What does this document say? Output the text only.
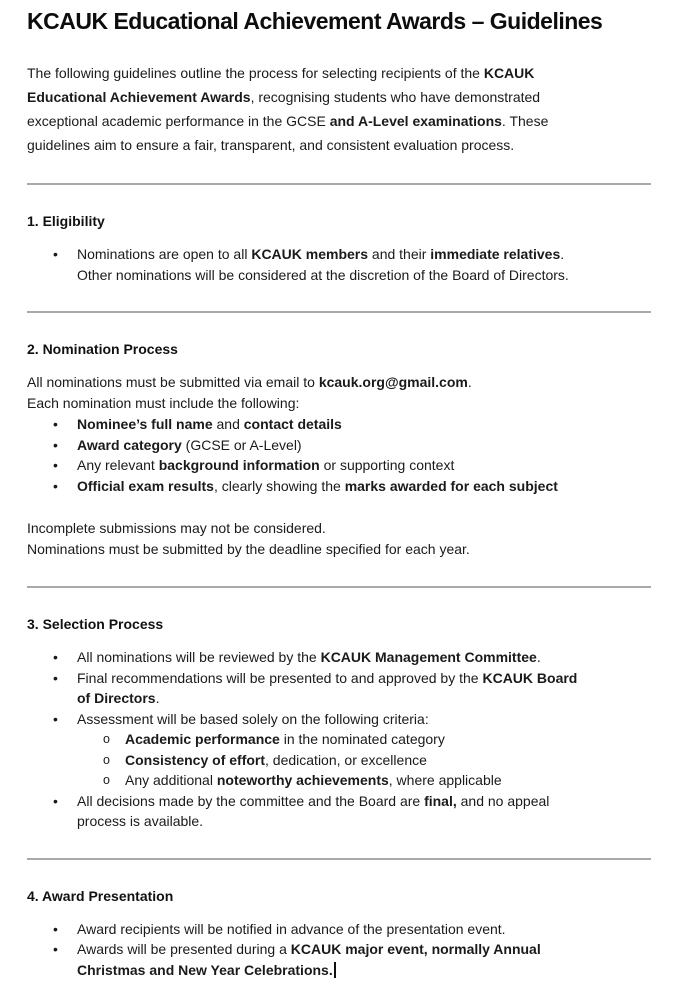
KCAUK Educational Achievement Awards – Guidelines

The following guidelines outline the process for selecting recipients of the KCAUK
Educational Achievement Awards, recognising students who have demonstrated
exceptional academic performance in the GCSE and A-Level examinations. These
guidelines aim to ensure a fair, transparent, and consistent evaluation process.

1. Eligibility
•	Nominations are open to all KCAUK members and their immediate relatives.
Other nominations will be considered at the discretion of the Board of Directors.
2. Nomination Process

All nominations must be submitted via email to kcauk.org@gmail.com.
Each nomination must include the following:

•	Nominee’s full name and contact details
•	Award category (GCSE or A-Level)
•	Any relevant background information or supporting context
•	Official exam results, clearly showing the marks awarded for each subject

Incomplete submissions may not be considered.
Nominations must be submitted by the deadline specified for each year.

3. Selection Process
•	All nominations will be reviewed by the KCAUK Management Committee.
•	Final recommendations will be presented to and approved by the KCAUK Board
of Directors.
•	Assessment will be based solely on the following criteria:
o	Academic performance in the nominated category
o	Consistency of effort, dedication, or excellence
o	Any additional noteworthy achievements, where applicable
•	All decisions made by the committee and the Board are final, and no appeal
process is available.
4. Award Presentation
•	Award recipients will be notified in advance of the presentation event.
•	Awards will be presented during a KCAUK major event, normally Annual
Christmas and New Year Celebrations.
